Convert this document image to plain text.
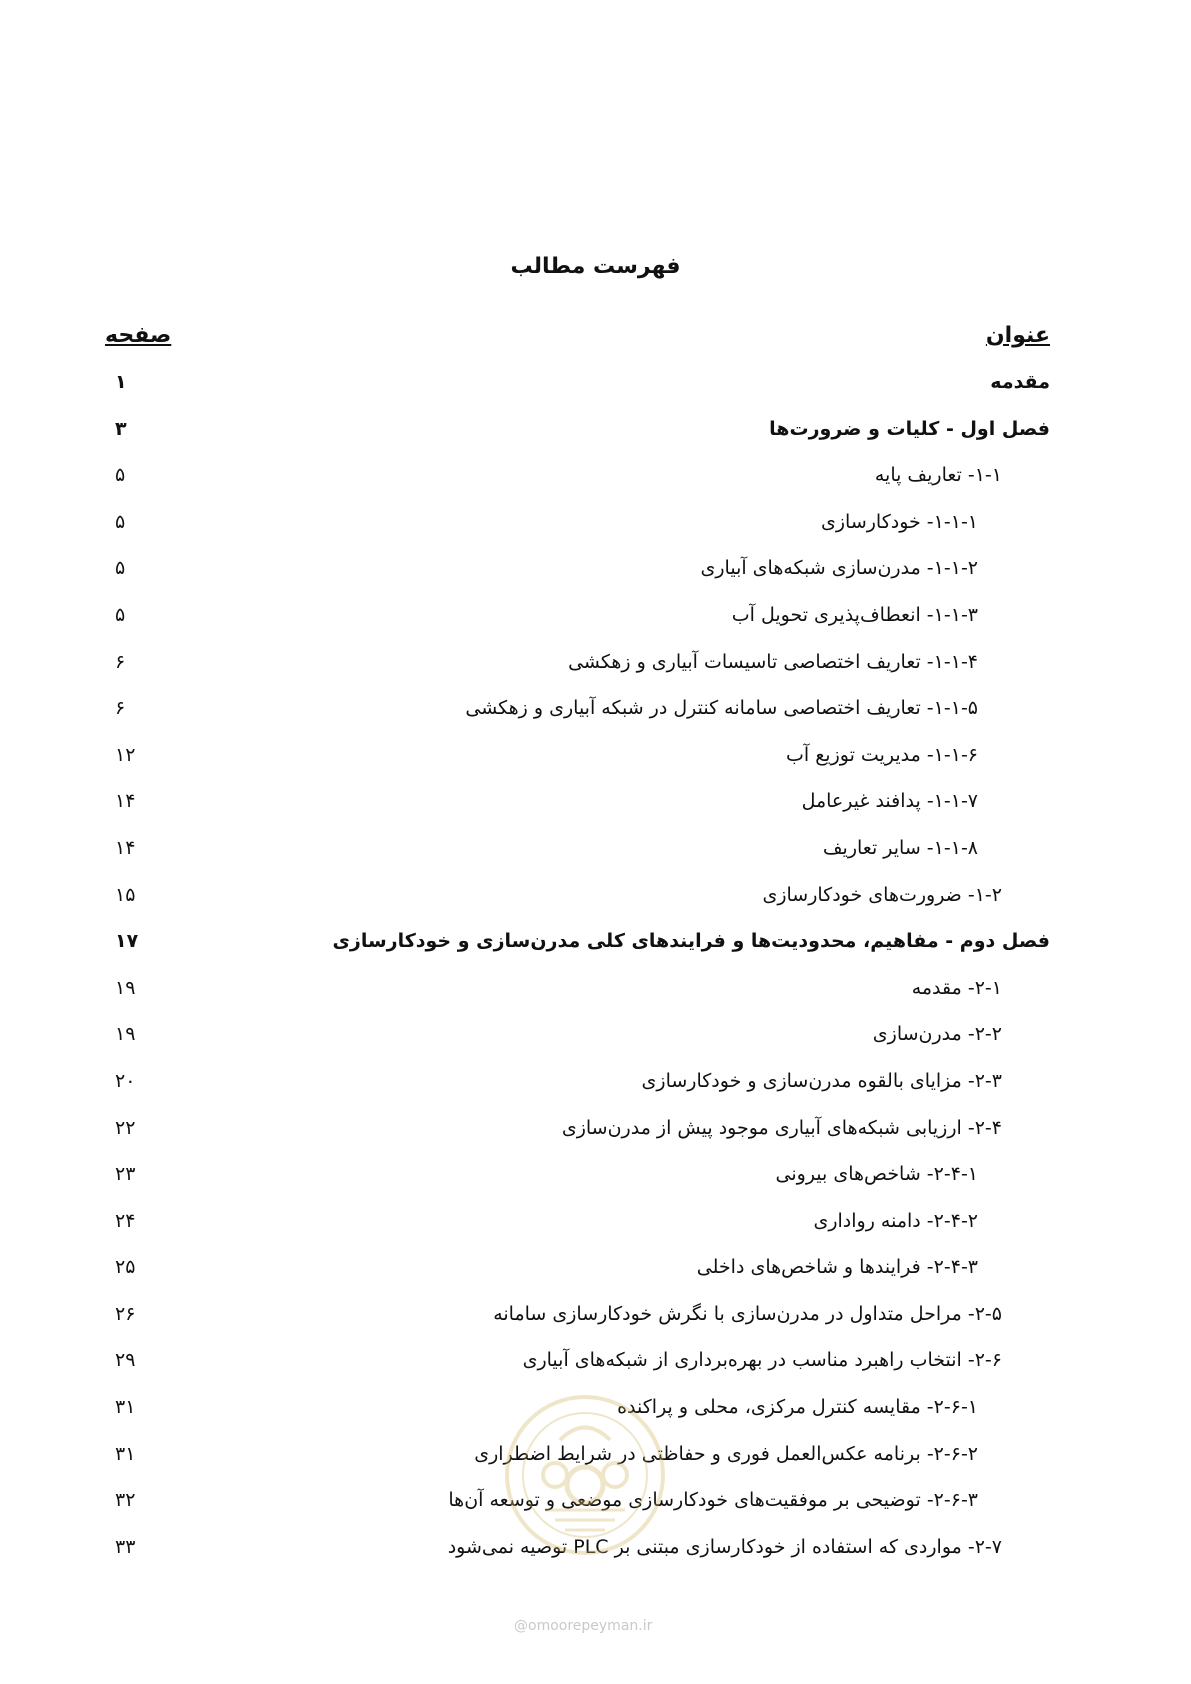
فهرست مطالب
عنوان
صفحه
مقدمه
۱
فصل اول - کلیات و ضرورت‌ها
۳
۱-۱- تعاریف پایه
۵
۱-۱-۱- خودکارسازی
۵
۱-۱-۲- مدرن‌سازی شبکه‌های آبیاری
۵
۱-۱-۳- انعطاف‌پذیری تحویل آب
۵
۱-۱-۴- تعاریف اختصاصی تاسیسات آبیاری و زهکشی
۶
۱-۱-۵- تعاریف اختصاصی سامانه کنترل در شبکه آبیاری و زهکشی
۶
۱-۱-۶- مدیریت توزیع آب
۱۲
۱-۱-۷- پدافند غیرعامل
۱۴
۱-۱-۸- سایر تعاریف
۱۴
۱-۲- ضرورت‌های خودکارسازی
۱۵
فصل دوم - مفاهیم، محدودیت‌ها و فرایندهای کلی مدرن‌سازی و خودکارسازی
۱۷
۲-۱- مقدمه
۱۹
۲-۲- مدرن‌سازی
۱۹
۲-۳- مزایای بالقوه مدرن‌سازی و خودکارسازی
۲۰
۲-۴- ارزیابی شبکه‌های آبیاری موجود پیش از مدرن‌سازی
۲۲
۲-۴-۱- شاخص‌های بیرونی
۲۳
۲-۴-۲- دامنه رواداری
۲۴
۲-۴-۳- فرایندها و شاخص‌های داخلی
۲۵
۲-۵- مراحل متداول در مدرن‌سازی با نگرش خودکارسازی سامانه
۲۶
۲-۶- انتخاب راهبرد مناسب در بهره‌برداری از شبکه‌های آبیاری
۲۹
۲-۶-۱- مقایسه کنترل مرکزی، محلی و پراکنده
۳۱
۲-۶-۲- برنامه عکس‌العمل فوری و حفاظتی در شرایط اضطراری
۳۱
۲-۶-۳- توضیحی بر موفقیت‌های خودکارسازی موضعی و توسعه آن‌ها
۳۲
۲-۷- مواردی که استفاده از خودکارسازی مبتنی بر PLC توصیه نمی‌شود
۳۳
@omoorepeyman.ir
